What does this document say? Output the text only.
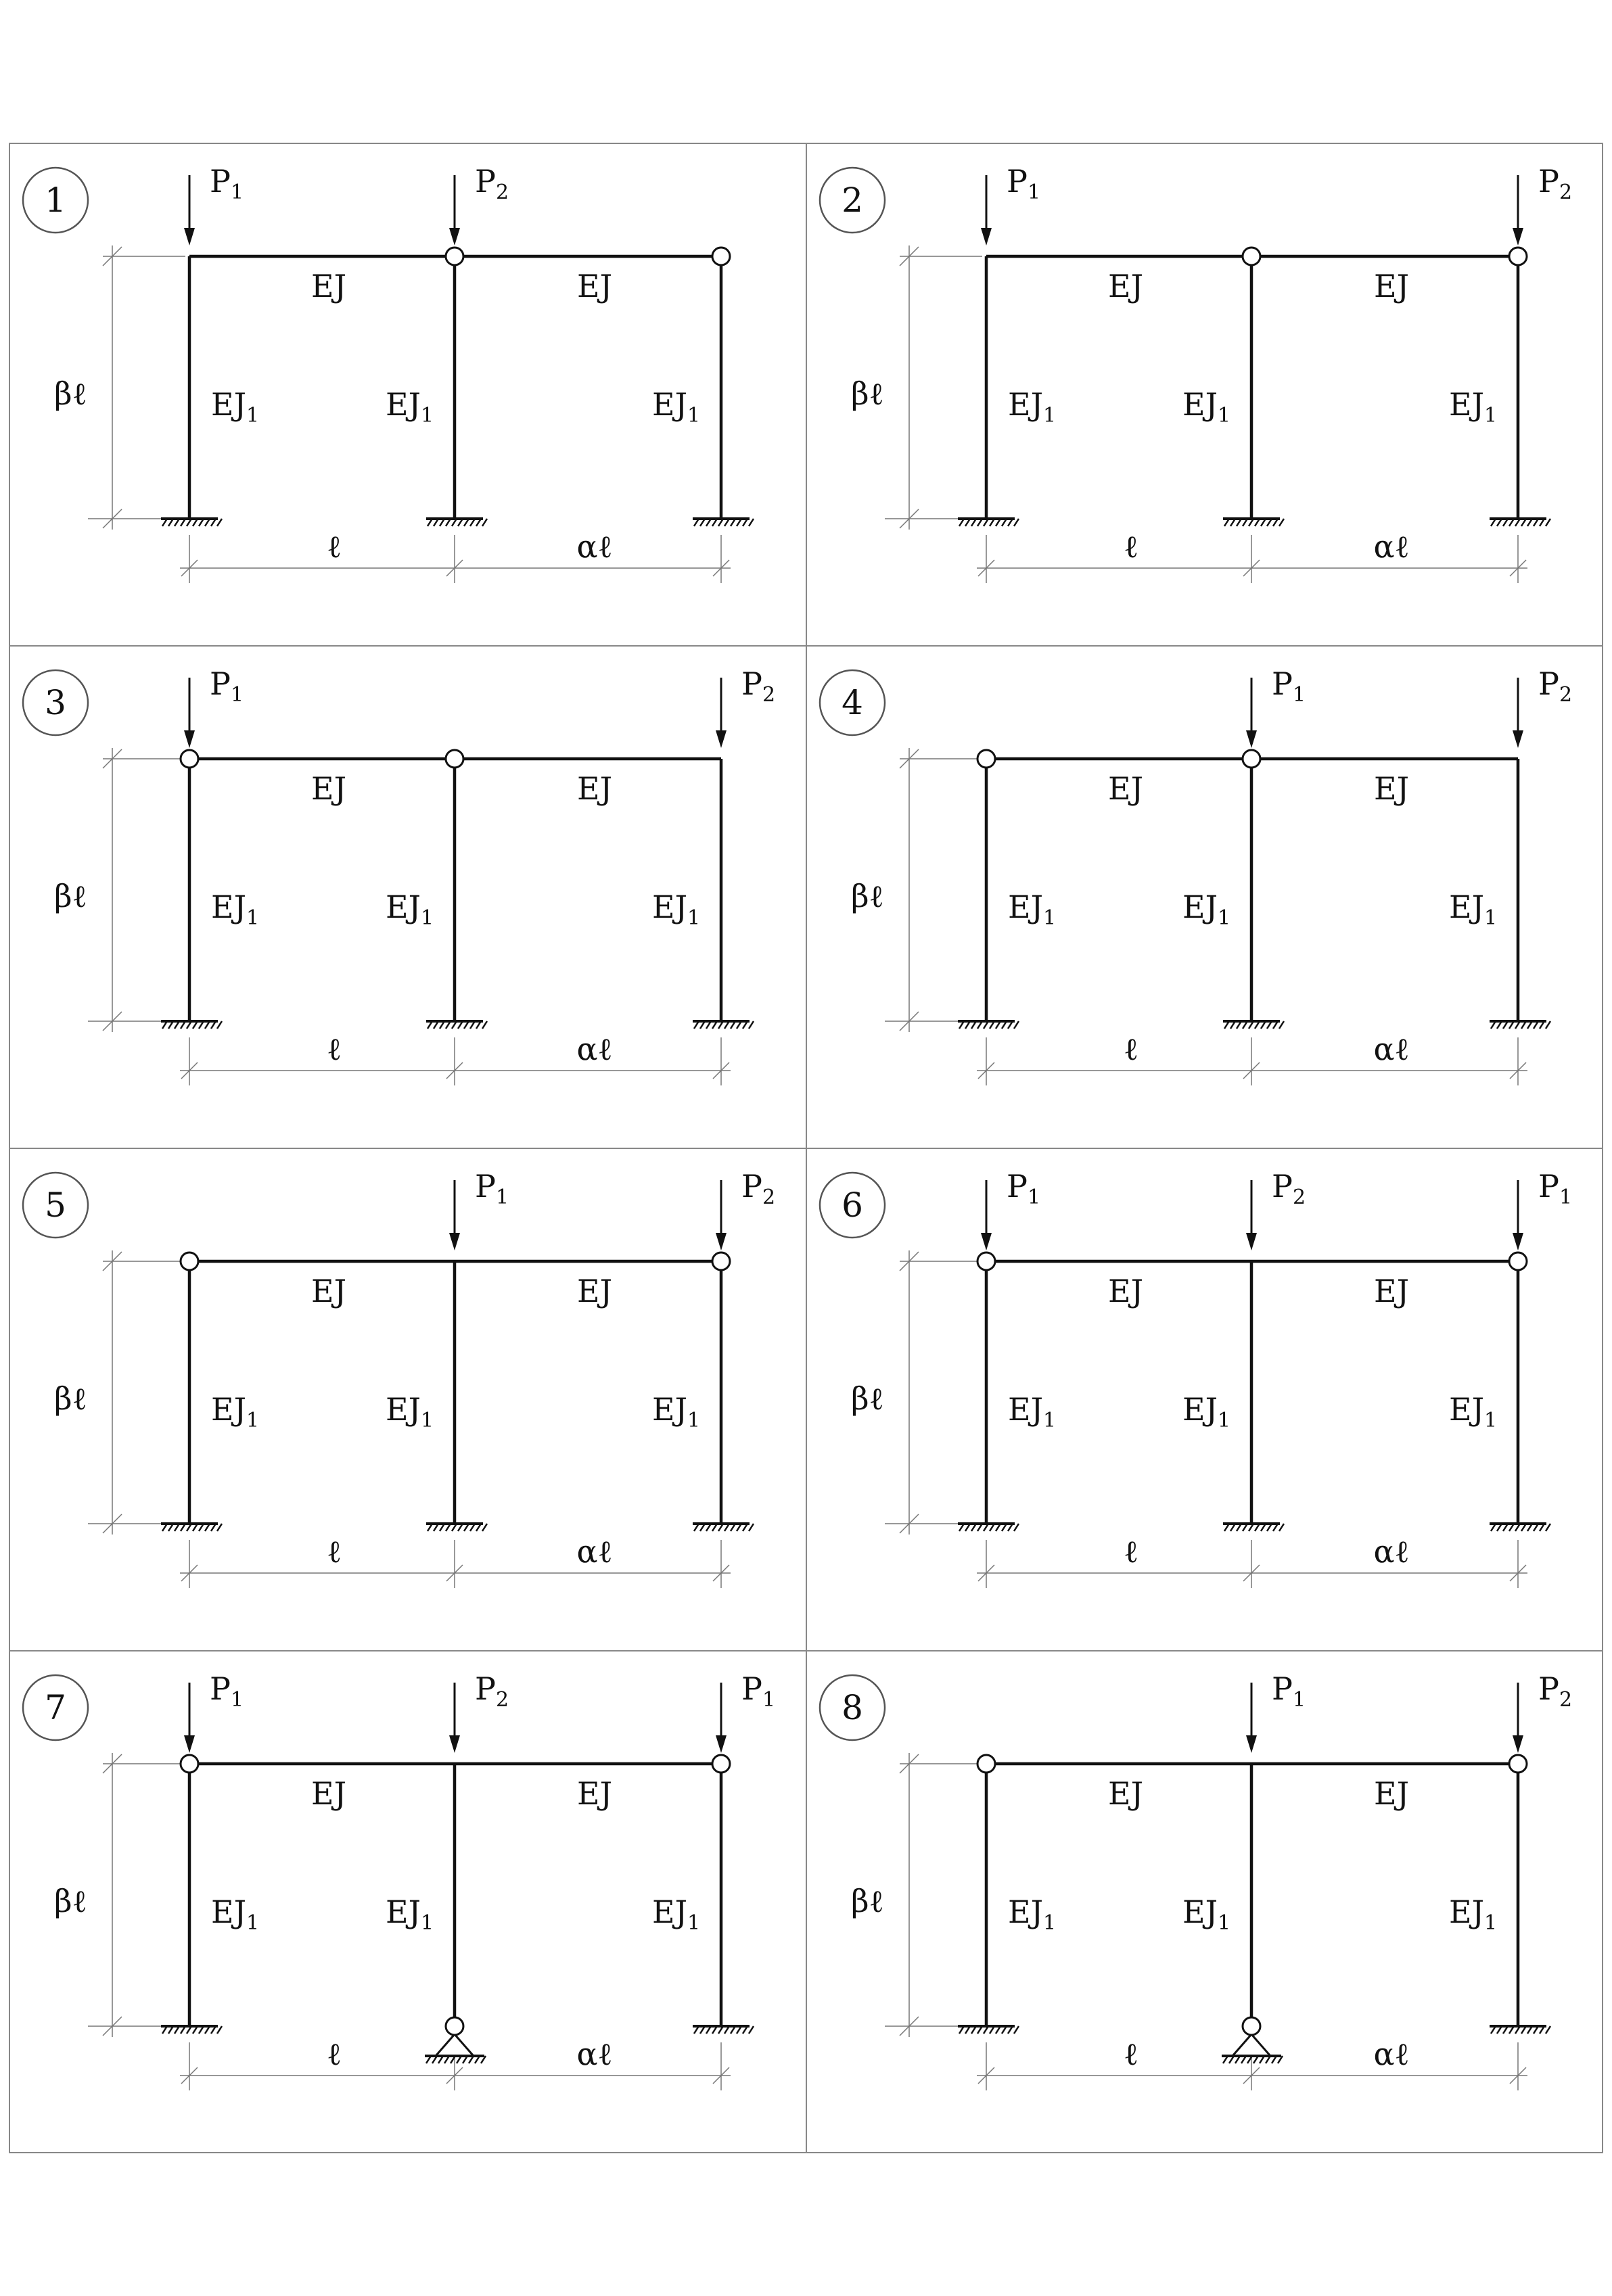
1
βℓ
ℓ	αℓ
EJ	EJ
$EJ_1$	$EJ_1$	$EJ_1$
$P_1$	$P_2$	2
βℓ
ℓ	αℓ
EJ	EJ
$EJ_1$	$EJ_1$	$EJ_1$
$P_1$	$P_2$
3
βℓ
ℓ	αℓ
EJ	EJ
$EJ_1$	$EJ_1$	$EJ_1$
$P_1$	$P_2$ 4
βℓ
ℓ	αℓ
EJ	EJ
$EJ_1$	$EJ_1$	$EJ_1$
$P_1$	$P_2$
5
βℓ
ℓ	αℓ
EJ	EJ
$EJ_1$	$EJ_1$	$EJ_1$
$P_1$	$P_2$ 6
βℓ
ℓ	αℓ
EJ	EJ
$EJ_1$	$EJ_1$	$EJ_1$
$P_1$	$P_2$	$P_1$
7
βℓ
ℓ	αℓ
EJ	EJ
$EJ_1$	$EJ_1$	$EJ_1$
$P_1$	$P_2$	$P_1$ 8
βℓ
ℓ	αℓ
EJ	EJ
$EJ_1$	$EJ_1$	$EJ_1$
$P_1$	$P_2$
